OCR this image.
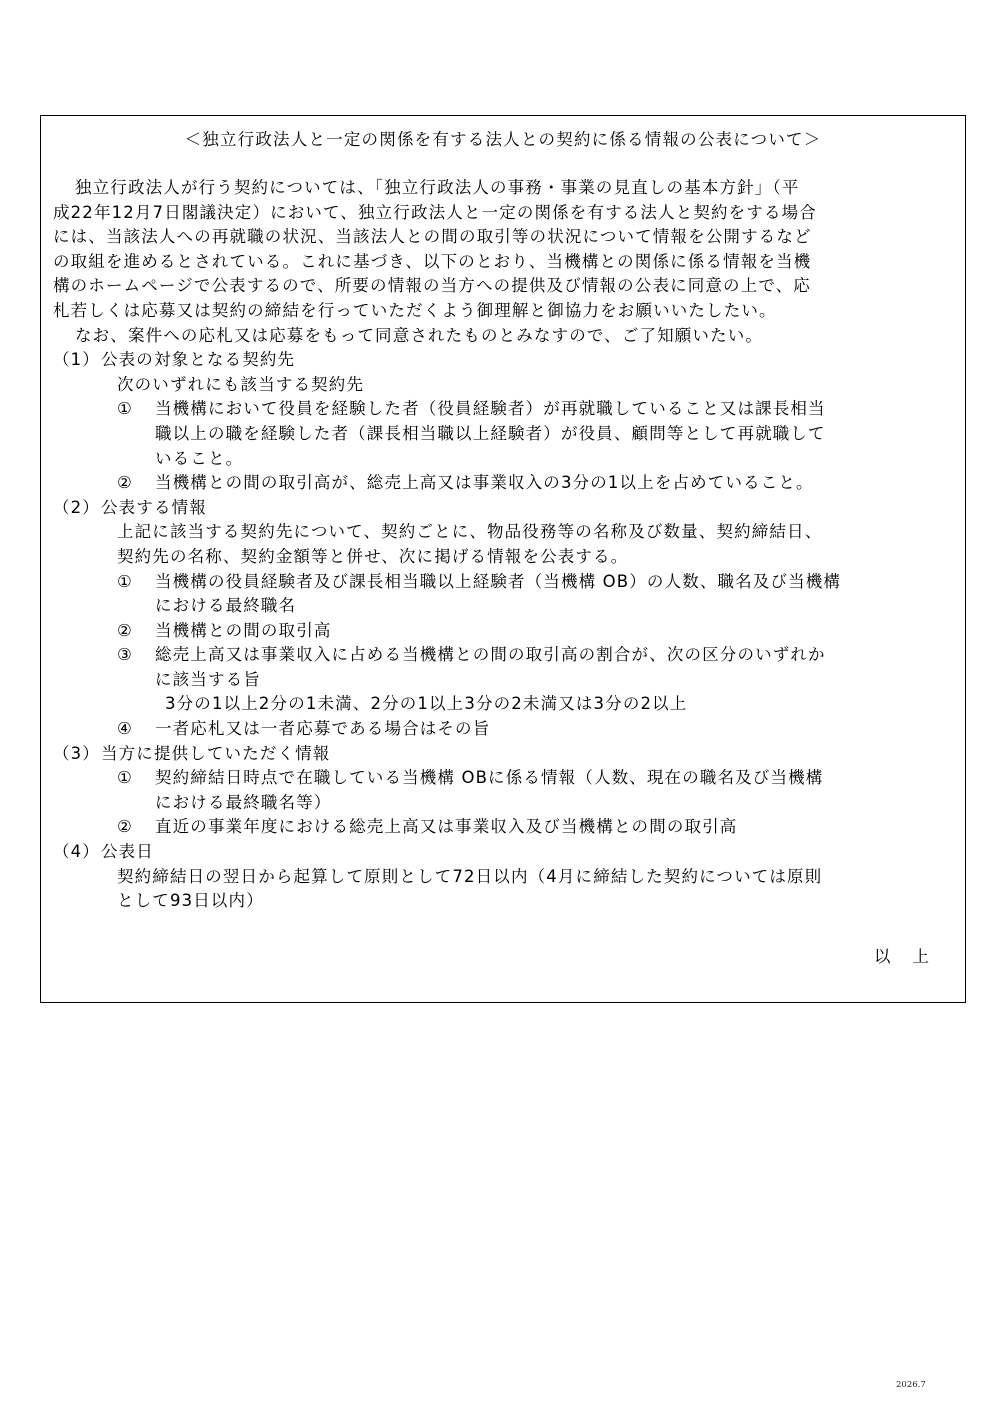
＜独立行政法人と一定の関係を有する法人との契約に係る情報の公表について＞
独立行政法人が行う契約については、「独立行政法人の事務・事業の見直しの基本方針」（平
成22年12月7日閣議決定）において、独立行政法人と一定の関係を有する法人と契約をする場合
には、当該法人への再就職の状況、当該法人との間の取引等の状況について情報を公開するなど
の取組を進めるとされている。これに基づき、以下のとおり、当機構との関係に係る情報を当機
構のホームページで公表するので、所要の情報の当方への提供及び情報の公表に同意の上で、応
札若しくは応募又は契約の締結を行っていただくよう御理解と御協力をお願いいたしたい。
なお、案件への応札又は応募をもって同意されたものとみなすので、ご了知願いたい。
（1）公表の対象となる契約先
次のいずれにも該当する契約先
① 当機構において役員を経験した者（役員経験者）が再就職していること又は課長相当
職以上の職を経験した者（課長相当職以上経験者）が役員、顧問等として再就職して
いること。
② 当機構との間の取引高が、総売上高又は事業収入の3分の1以上を占めていること。
（2）公表する情報
上記に該当する契約先について、契約ごとに、物品役務等の名称及び数量、契約締結日、
契約先の名称、契約金額等と併せ、次に掲げる情報を公表する。
① 当機構の役員経験者及び課長相当職以上経験者（当機構 OB）の人数、職名及び当機構
における最終職名
② 当機構との間の取引高
③ 総売上高又は事業収入に占める当機構との間の取引高の割合が、次の区分のいずれか
に該当する旨
3分の1以上2分の1未満、2分の1以上3分の2未満又は3分の2以上
④ 一者応札又は一者応募である場合はその旨
（3）当方に提供していただく情報
① 契約締結日時点で在職している当機構 OBに係る情報（人数、現在の職名及び当機構
における最終職名等）
② 直近の事業年度における総売上高又は事業収入及び当機構との間の取引高
（4）公表日
契約締結日の翌日から起算して原則として72日以内（4月に締結した契約については原則
として93日以内）
以上
2026.7
